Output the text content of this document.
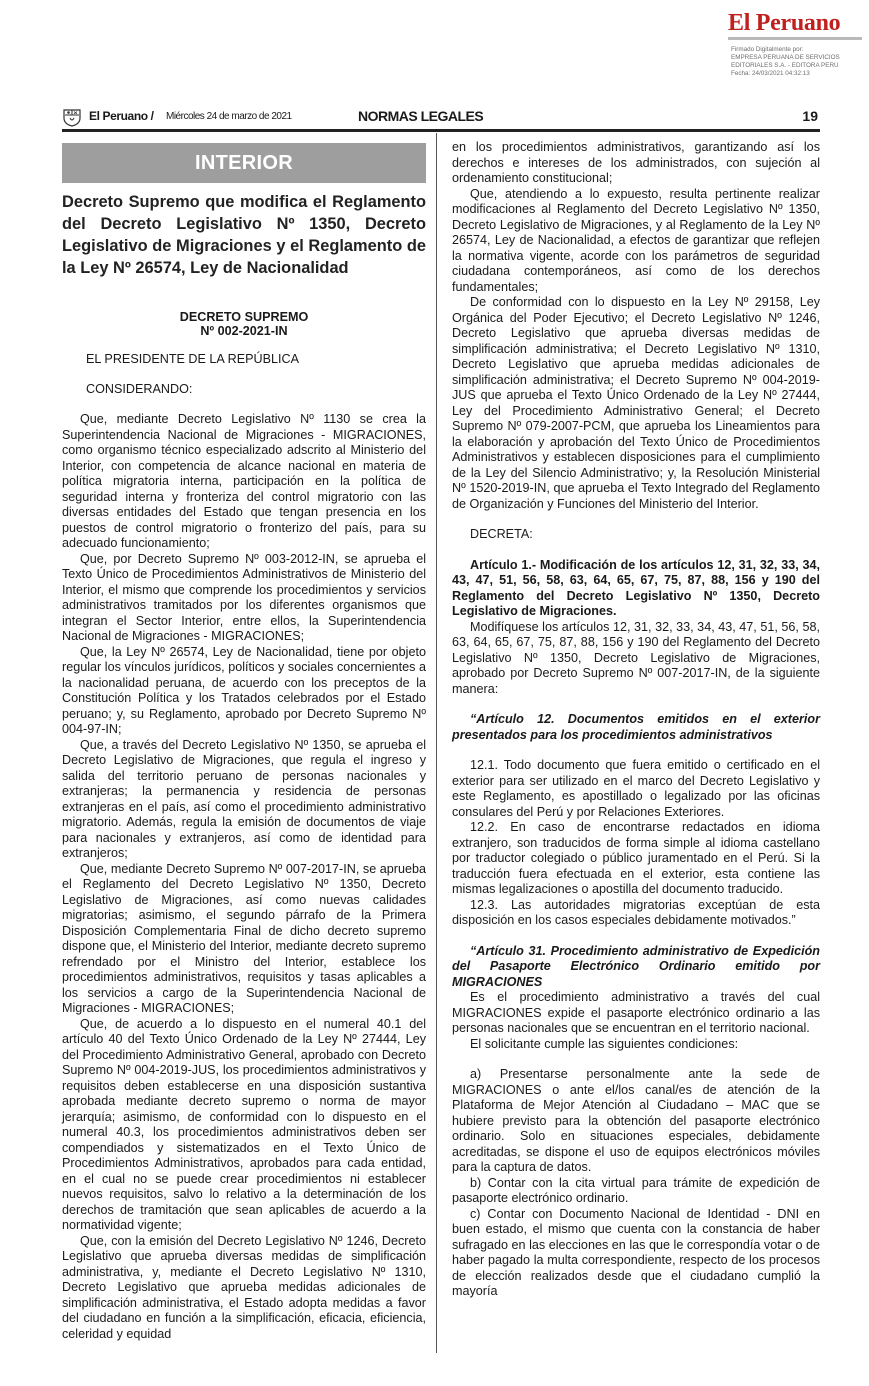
El Peruano
Firmado Digitalmente por:
EMPRESA PERUANA DE SERVICIOS
EDITORIALES S.A. - EDITORA PERU
Fecha: 24/03/2021 04:32:13
El Peruano / Miércoles 24 de marzo de 2021	NORMAS LEGALES	19
INTERIOR

Decreto Supremo que modifica el Reglamento del Decreto Legislativo Nº 1350, Decreto Legislativo de Migraciones y el Reglamento de la Ley Nº 26574, Ley de Nacionalidad

DECRETO SUPREMO
Nº 002-2021-IN

EL PRESIDENTE DE LA REPÚBLICA

CONSIDERANDO:

Que, mediante Decreto Legislativo Nº 1130 se crea la Superintendencia Nacional de Migraciones - MIGRACIONES, como organismo técnico especializado adscrito al Ministerio del Interior, con competencia de alcance nacional en materia de política migratoria interna, participación en la política de seguridad interna y fronteriza del control migratorio con las diversas entidades del Estado que tengan presencia en los puestos de control migratorio o fronterizo del país, para su adecuado funcionamiento;

Que, por Decreto Supremo Nº 003-2012-IN, se aprueba el Texto Único de Procedimientos Administrativos de Ministerio del Interior, el mismo que comprende los procedimientos y servicios administrativos tramitados por los diferentes organismos que integran el Sector Interior, entre ellos, la Superintendencia Nacional de Migraciones - MIGRACIONES;

Que, la Ley Nº 26574, Ley de Nacionalidad, tiene por objeto regular los vínculos jurídicos, políticos y sociales concernientes a la nacionalidad peruana, de acuerdo con los preceptos de la Constitución Política y los Tratados celebrados por el Estado peruano; y, su Reglamento, aprobado por Decreto Supremo Nº 004-97-IN;

Que, a través del Decreto Legislativo Nº 1350, se aprueba el Decreto Legislativo de Migraciones, que regula el ingreso y salida del territorio peruano de personas nacionales y extranjeras; la permanencia y residencia de personas extranjeras en el país, así como el procedimiento administrativo migratorio. Además, regula la emisión de documentos de viaje para nacionales y extranjeros, así como de identidad para extranjeros;

Que, mediante Decreto Supremo Nº 007-2017-IN, se aprueba el Reglamento del Decreto Legislativo Nº 1350, Decreto Legislativo de Migraciones, así como nuevas calidades migratorias; asimismo, el segundo párrafo de la Primera Disposición Complementaria Final de dicho decreto supremo dispone que, el Ministerio del Interior, mediante decreto supremo refrendado por el Ministro del Interior, establece los procedimientos administrativos, requisitos y tasas aplicables a los servicios a cargo de la Superintendencia Nacional de Migraciones - MIGRACIONES;

Que, de acuerdo a lo dispuesto en el numeral 40.1 del artículo 40 del Texto Único Ordenado de la Ley Nº 27444, Ley del Procedimiento Administrativo General, aprobado con Decreto Supremo Nº 004-2019-JUS, los procedimientos administrativos y requisitos deben establecerse en una disposición sustantiva aprobada mediante decreto supremo o norma de mayor jerarquía; asimismo, de conformidad con lo dispuesto en el numeral 40.3, los procedimientos administrativos deben ser compendiados y sistematizados en el Texto Único de Procedimientos Administrativos, aprobados para cada entidad, en el cual no se puede crear procedimientos ni establecer nuevos requisitos, salvo lo relativo a la determinación de los derechos de tramitación que sean aplicables de acuerdo a la normatividad vigente;

Que, con la emisión del Decreto Legislativo Nº 1246, Decreto Legislativo que aprueba diversas medidas de simplificación administrativa, y, mediante el Decreto Legislativo Nº 1310, Decreto Legislativo que aprueba medidas adicionales de simplificación administrativa, el Estado adopta medidas a favor del ciudadano en función a la simplificación, eficacia, eficiencia, celeridad y equidad

en los procedimientos administrativos, garantizando así los derechos e intereses de los administrados, con sujeción al ordenamiento constitucional;

Que, atendiendo a lo expuesto, resulta pertinente realizar modificaciones al Reglamento del Decreto Legislativo Nº 1350, Decreto Legislativo de Migraciones, y al Reglamento de la Ley Nº 26574, Ley de Nacionalidad, a efectos de garantizar que reflejen la normativa vigente, acorde con los parámetros de seguridad ciudadana contemporáneos, así como de los derechos fundamentales;

De conformidad con lo dispuesto en la Ley Nº 29158, Ley Orgánica del Poder Ejecutivo; el Decreto Legislativo Nº 1246, Decreto Legislativo que aprueba diversas medidas de simplificación administrativa; el Decreto Legislativo Nº 1310, Decreto Legislativo que aprueba medidas adicionales de simplificación administrativa; el Decreto Supremo Nº 004-2019-JUS que aprueba el Texto Único Ordenado de la Ley Nº 27444, Ley del Procedimiento Administrativo General; el Decreto Supremo Nº 079-2007-PCM, que aprueba los Lineamientos para la elaboración y aprobación del Texto Único de Procedimientos Administrativos y establecen disposiciones para el cumplimiento de la Ley del Silencio Administrativo; y, la Resolución Ministerial Nº 1520-2019-IN, que aprueba el Texto Integrado del Reglamento de Organización y Funciones del Ministerio del Interior.

DECRETA:

Artículo 1.- Modificación de los artículos 12, 31, 32, 33, 34, 43, 47, 51, 56, 58, 63, 64, 65, 67, 75, 87, 88, 156 y 190 del Reglamento del Decreto Legislativo Nº 1350, Decreto Legislativo de Migraciones.

Modifíquese los artículos 12, 31, 32, 33, 34, 43, 47, 51, 56, 58, 63, 64, 65, 67, 75, 87, 88, 156 y 190 del Reglamento del Decreto Legislativo Nº 1350, Decreto Legislativo de Migraciones, aprobado por Decreto Supremo Nº 007-2017-IN, de la siguiente manera:

“Artículo 12. Documentos emitidos en el exterior presentados para los procedimientos administrativos

12.1. Todo documento que fuera emitido o certificado en el exterior para ser utilizado en el marco del Decreto Legislativo y este Reglamento, es apostillado o legalizado por las oficinas consulares del Perú y por Relaciones Exteriores.

12.2. En caso de encontrarse redactados en idioma extranjero, son traducidos de forma simple al idioma castellano por traductor colegiado o público juramentado en el Perú. Si la traducción fuera efectuada en el exterior, esta contiene las mismas legalizaciones o apostilla del documento traducido.

12.3. Las autoridades migratorias exceptúan de esta disposición en los casos especiales debidamente motivados.”

“Artículo 31. Procedimiento administrativo de Expedición del Pasaporte Electrónico Ordinario emitido por MIGRACIONES

Es el procedimiento administrativo a través del cual MIGRACIONES expide el pasaporte electrónico ordinario a las personas nacionales que se encuentran en el territorio nacional.

El solicitante cumple las siguientes condiciones:

a) Presentarse personalmente ante la sede de MIGRACIONES o ante el/los canal/es de atención de la Plataforma de Mejor Atención al Ciudadano – MAC que se hubiere previsto para la obtención del pasaporte electrónico ordinario. Solo en situaciones especiales, debidamente acreditadas, se dispone el uso de equipos electrónicos móviles para la captura de datos.

b) Contar con la cita virtual para trámite de expedición de pasaporte electrónico ordinario.

c) Contar con Documento Nacional de Identidad - DNI en buen estado, el mismo que cuenta con la constancia de haber sufragado en las elecciones en las que le correspondía votar o de haber pagado la multa correspondiente, respecto de los procesos de elección realizados desde que el ciudadano cumplió la mayoría
